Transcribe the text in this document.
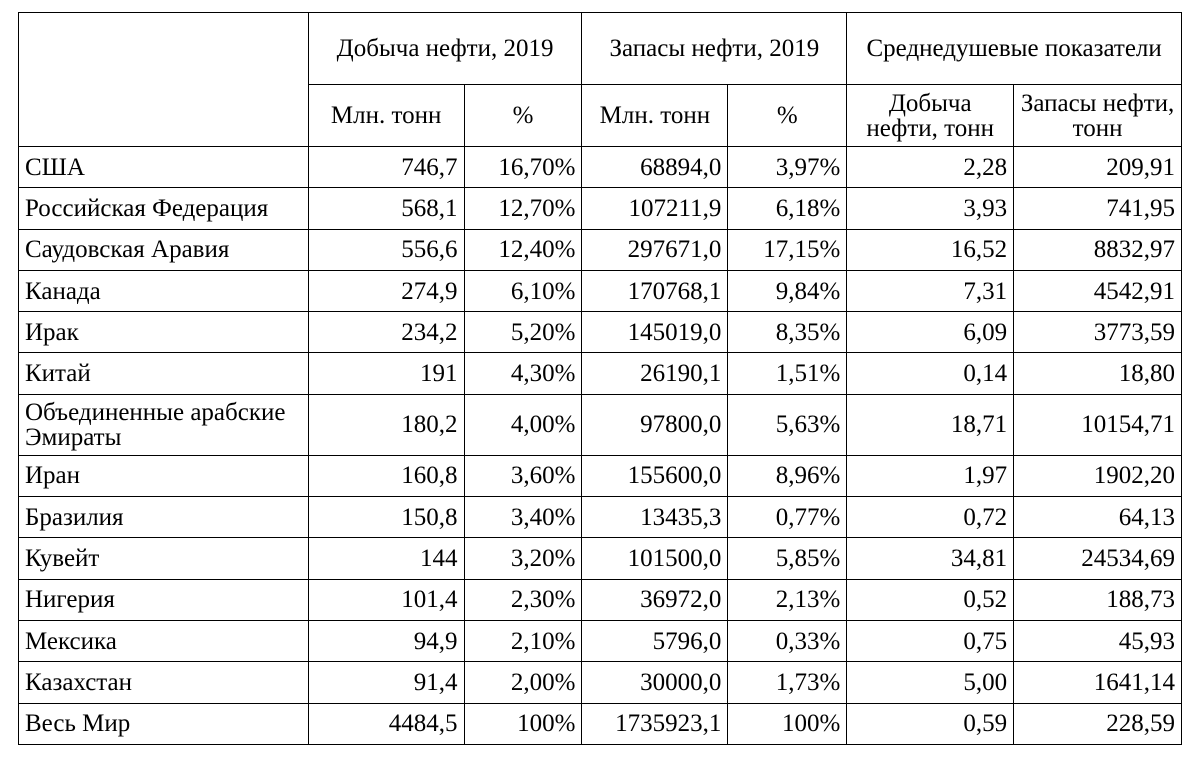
	Добыча нефти, 2019		Запасы нефти, 2019		Среднедушевые показатели	
	Млн. тонн	%	Млн. тонн	%	Добыча нефти, тонн	Запасы нефти, тонн
США	746,7	16,70%	68894,0	3,97%	2,28	209,91
Российская Федерация	568,1	12,70%	107211,9	6,18%	3,93	741,95
Саудовская Аравия	556,6	12,40%	297671,0	17,15%	16,52	8832,97
Канада	274,9	6,10%	170768,1	9,84%	7,31	4542,91
Ирак	234,2	5,20%	145019,0	8,35%	6,09	3773,59
Китай	191	4,30%	26190,1	1,51%	0,14	18,80
Объединенные арабские Эмираты	180,2	4,00%	97800,0	5,63%	18,71	10154,71
Иран	160,8	3,60%	155600,0	8,96%	1,97	1902,20
Бразилия	150,8	3,40%	13435,3	0,77%	0,72	64,13
Кувейт	144	3,20%	101500,0	5,85%	34,81	24534,69
Нигерия	101,4	2,30%	36972,0	2,13%	0,52	188,73
Мексика	94,9	2,10%	5796,0	0,33%	0,75	45,93
Казахстан	91,4	2,00%	30000,0	1,73%	5,00	1641,14
Весь Мир	4484,5	100%	1735923,1	100%	0,59	228,59
